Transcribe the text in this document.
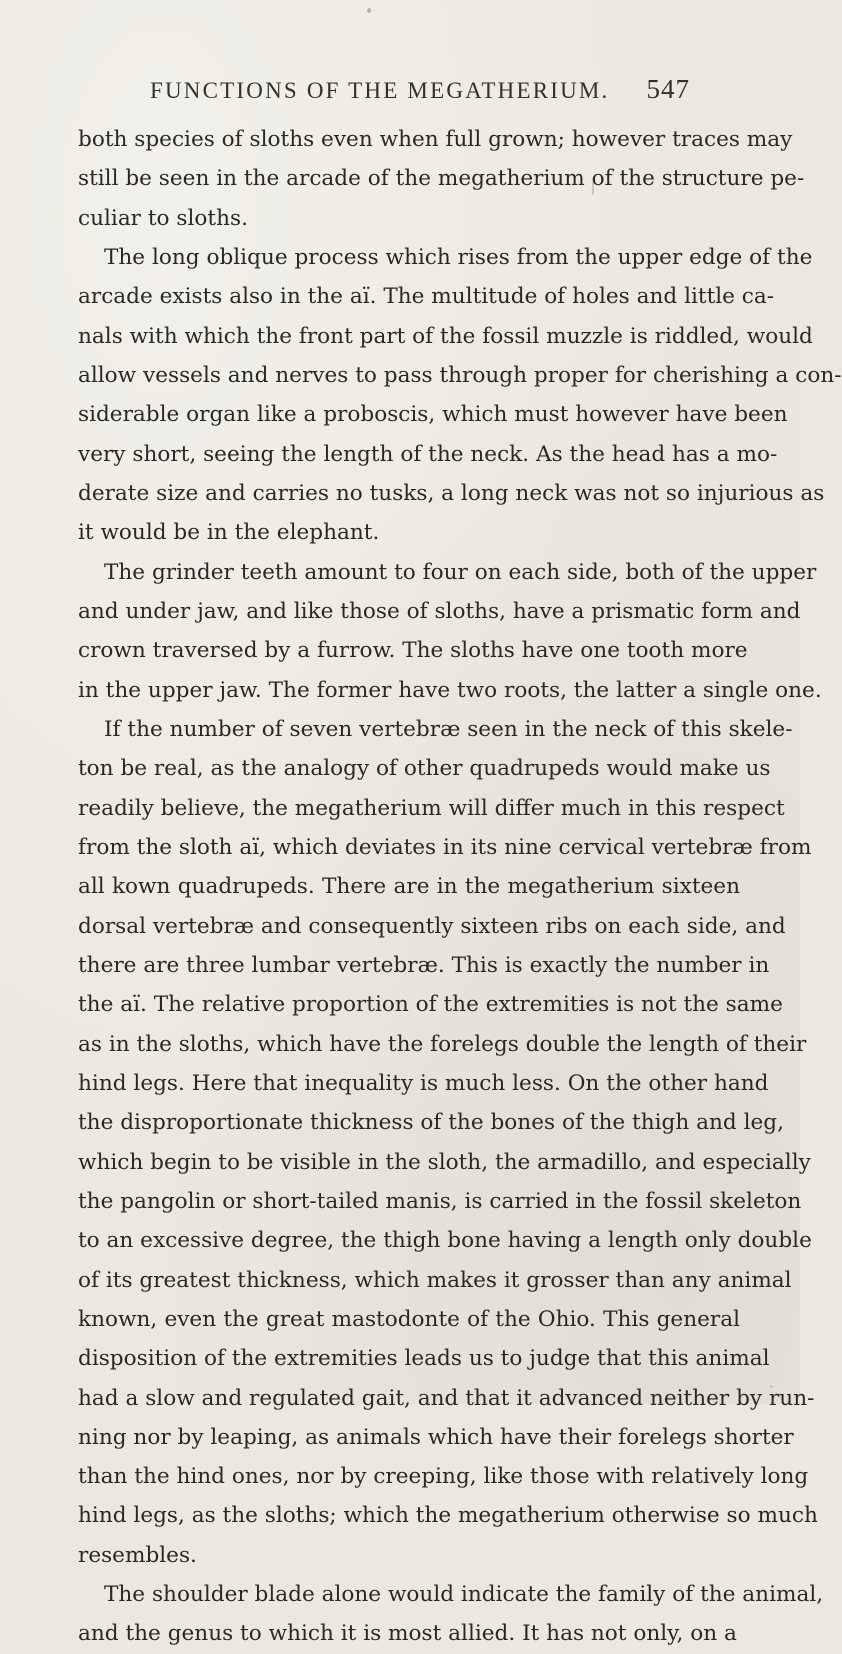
FUNCTIONS OF THE MEGATHERIUM. 547
both species of sloths even when full grown; however traces may
still be seen in the arcade of the megatherium of the structure pe-
culiar to sloths.
The long oblique process which rises from the upper edge of the
arcade exists also in the aï. The multitude of holes and little ca-
nals with which the front part of the fossil muzzle is riddled, would
allow vessels and nerves to pass through proper for cherishing a con-
siderable organ like a proboscis, which must however have been
very short, seeing the length of the neck. As the head has a mo-
derate size and carries no tusks, a long neck was not so injurious as
it would be in the elephant.
The grinder teeth amount to four on each side, both of the upper
and under jaw, and like those of sloths, have a prismatic form and
crown traversed by a furrow. The sloths have one tooth more
in the upper jaw. The former have two roots, the latter a single one.
If the number of seven vertebræ seen in the neck of this skele-
ton be real, as the analogy of other quadrupeds would make us
readily believe, the megatherium will differ much in this respect
from the sloth aï, which deviates in its nine cervical vertebræ from
all kown quadrupeds. There are in the megatherium sixteen
dorsal vertebræ and consequently sixteen ribs on each side, and
there are three lumbar vertebræ. This is exactly the number in
the aï. The relative proportion of the extremities is not the same
as in the sloths, which have the forelegs double the length of their
hind legs. Here that inequality is much less. On the other hand
the disproportionate thickness of the bones of the thigh and leg,
which begin to be visible in the sloth, the armadillo, and especially
the pangolin or short-tailed manis, is carried in the fossil skeleton
to an excessive degree, the thigh bone having a length only double
of its greatest thickness, which makes it grosser than any animal
known, even the great mastodonte of the Ohio. This general
disposition of the extremities leads us to judge that this animal
had a slow and regulated gait, and that it advanced neither by run-
ning nor by leaping, as animals which have their forelegs shorter
than the hind ones, nor by creeping, like those with relatively long
hind legs, as the sloths; which the megatherium otherwise so much
resembles.
The shoulder blade alone would indicate the family of the animal,
and the genus to which it is most allied. It has not only, on a
